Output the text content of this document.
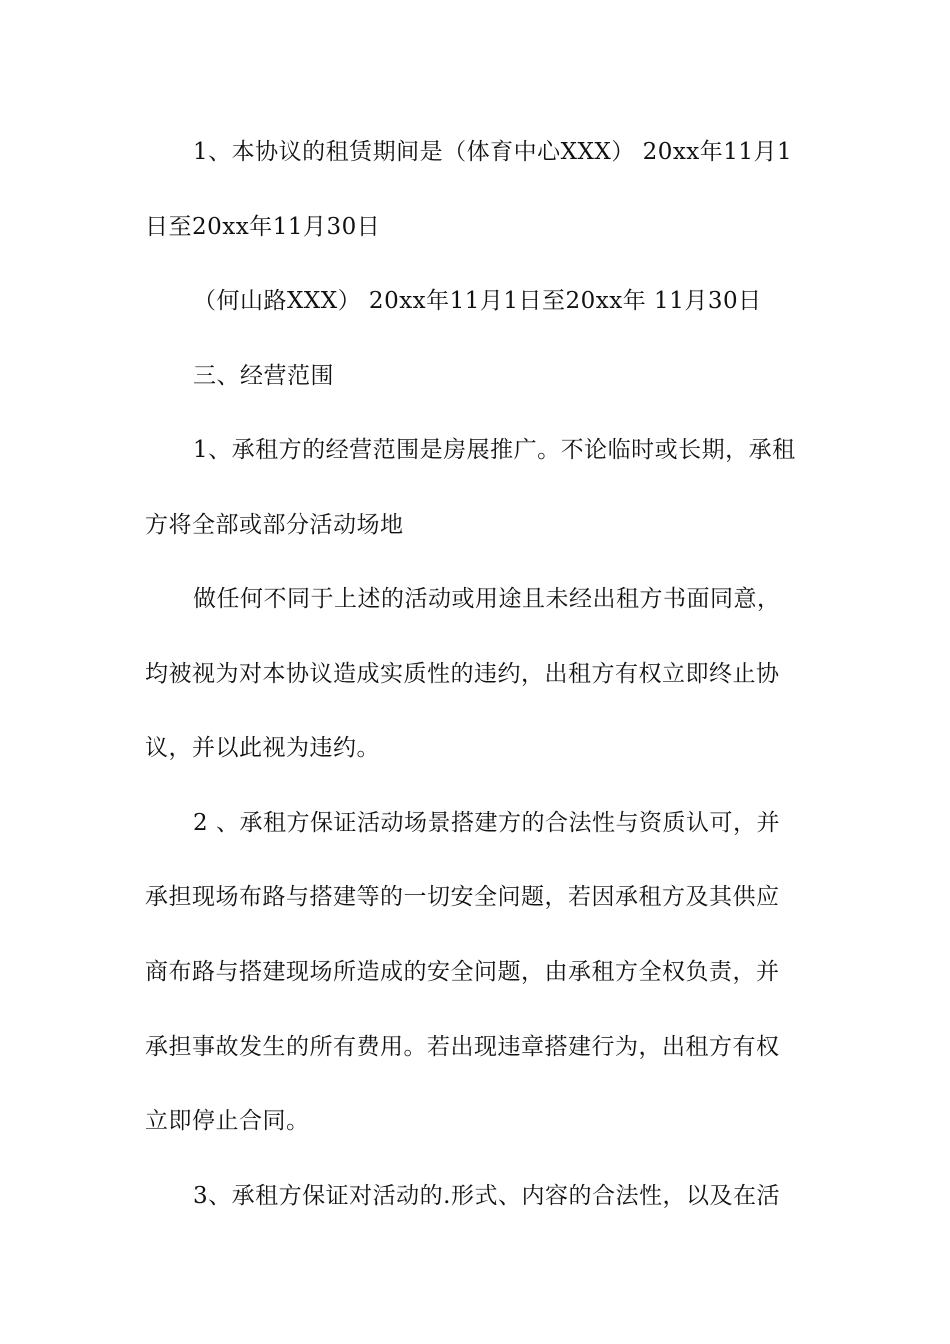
1、本协议的租赁期间是（体育中心XXX） 20xx年11月1
日至20xx年11月30日
（何山路XXX） 20xx年11月1日至20xx年 11月30日
三、经营范围
1、承租方的经营范围是房展推广。不论临时或长期，承租
方将全部或部分活动场地
做任何不同于上述的活动或用途且未经出租方书面同意，
均被视为对本协议造成实质性的违约，出租方有权立即终止协
议，并以此视为违约。
2 、承租方保证活动场景搭建方的合法性与资质认可，并
承担现场布路与搭建等的一切安全问题，若因承租方及其供应
商布路与搭建现场所造成的安全问题，由承租方全权负责，并
承担事故发生的所有费用。若出现违章搭建行为，出租方有权
立即停止合同。
3、承租方保证对活动的.形式、内容的合法性，以及在活
